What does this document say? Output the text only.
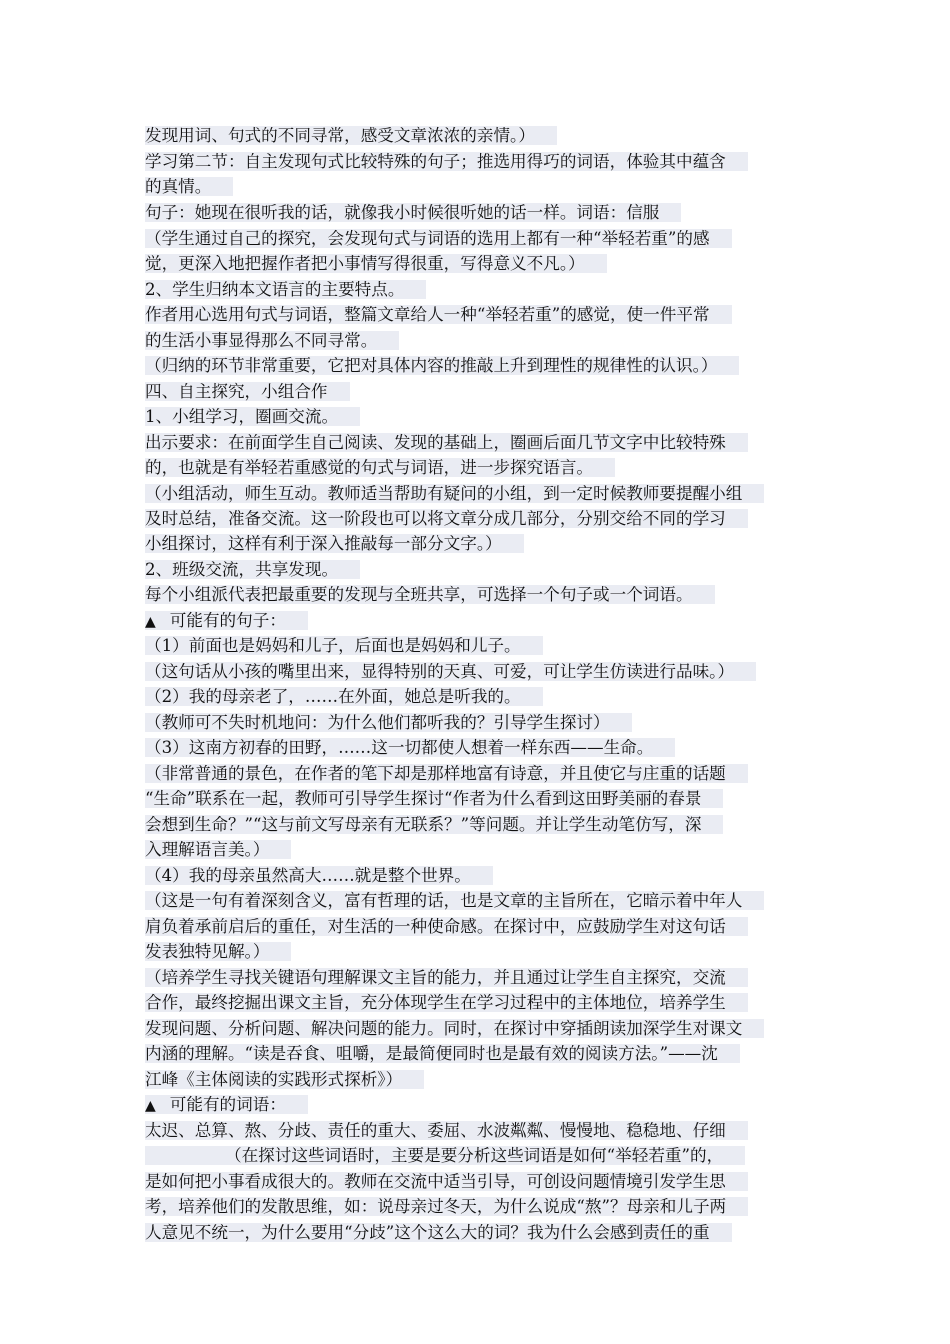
发现用词、句式的不同寻常，感受文章浓浓的亲情。）
学习第二节：自主发现句式比较特殊的句子；推选用得巧的词语，体验其中蕴含
的真情。
句子：她现在很听我的话，就像我小时候很听她的话一样。词语：信服
（学生通过自己的探究，会发现句式与词语的选用上都有一种“举轻若重”的感
觉，更深入地把握作者把小事情写得很重，写得意义不凡。）
2、学生归纳本文语言的主要特点。
作者用心选用句式与词语，整篇文章给人一种“举轻若重”的感觉，使一件平常
的生活小事显得那么不同寻常。
（归纳的环节非常重要，它把对具体内容的推敲上升到理性的规律性的认识。）
四、自主探究，小组合作
1、小组学习，圈画交流。
出示要求：在前面学生自己阅读、发现的基础上，圈画后面几节文字中比较特殊
的，也就是有举轻若重感觉的句式与词语，进一步探究语言。
（小组活动，师生互动。教师适当帮助有疑问的小组，到一定时候教师要提醒小组
及时总结，准备交流。这一阶段也可以将文章分成几部分，分别交给不同的学习
小组探讨，这样有利于深入推敲每一部分文字。）
2、班级交流，共享发现。
每个小组派代表把最重要的发现与全班共享，可选择一个句子或一个词语。
▲ 可能有的句子：
（1）前面也是妈妈和儿子，后面也是妈妈和儿子。
（这句话从小孩的嘴里出来，显得特别的天真、可爱，可让学生仿读进行品味。）
（2）我的母亲老了，……在外面，她总是听我的。
（教师可不失时机地问：为什么他们都听我的？引导学生探讨）
（3）这南方初春的田野，……这一切都使人想着一样东西——生命。
（非常普通的景色，在作者的笔下却是那样地富有诗意，并且使它与庄重的话题
“生命”联系在一起，教师可引导学生探讨“作者为什么看到这田野美丽的春景
会想到生命？”“这与前文写母亲有无联系？”等问题。并让学生动笔仿写，深
入理解语言美。）
（4）我的母亲虽然高大……就是整个世界。
（这是一句有着深刻含义，富有哲理的话，也是文章的主旨所在，它暗示着中年人
肩负着承前启后的重任，对生活的一种使命感。在探讨中，应鼓励学生对这句话
发表独特见解。）
（培养学生寻找关键语句理解课文主旨的能力，并且通过让学生自主探究，交流
合作，最终挖掘出课文主旨，充分体现学生在学习过程中的主体地位，培养学生
发现问题、分析问题、解决问题的能力。同时，在探讨中穿插朗读加深学生对课文
内涵的理解。“读是吞食、咀嚼，是最简便同时也是最有效的阅读方法。”——沈
江峰《主体阅读的实践形式探析》）
▲ 可能有的词语：
太迟、总算、熬、分歧、责任的重大、委屈、水波粼粼、慢慢地、稳稳地、仔细
（在探讨这些词语时，主要是要分析这些词语是如何“举轻若重”的，
是如何把小事看成很大的。教师在交流中适当引导，可创设问题情境引发学生思
考，培养他们的发散思维，如：说母亲过冬天，为什么说成“熬”？母亲和儿子两
人意见不统一，为什么要用“分歧”这个这么大的词？我为什么会感到责任的重
